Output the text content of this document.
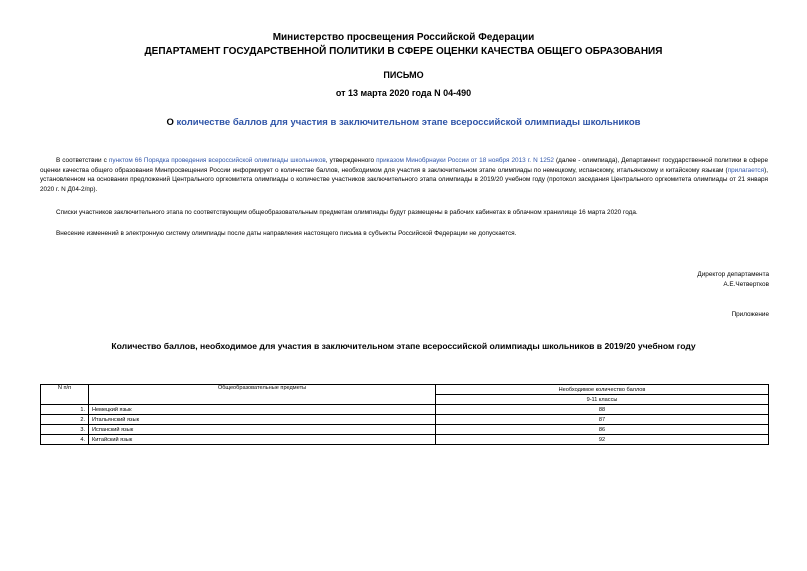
Министерство просвещения Российской Федерации
ДЕПАРТАМЕНТ ГОСУДАРСТВЕННОЙ ПОЛИТИКИ В СФЕРЕ ОЦЕНКИ КАЧЕСТВА ОБЩЕГО ОБРАЗОВАНИЯ
ПИСЬМО
от 13 марта 2020 года N 04-490
О количестве баллов для участия в заключительном этапе всероссийской олимпиады школьников
В соответствии с пунктом 66 Порядка проведения всероссийской олимпиады школьников, утвержденного приказом Минобрнауки России от 18 ноября 2013 г. N 1252 (далее - олимпиада), Департамент государственной политики в сфере оценки качества общего образования Минпросвещения России информирует о количестве баллов, необходимом для участия в заключительном этапе олимпиады по немецкому, испанскому, итальянскому и китайскому языкам (прилагается), установленном на основании предложений Центрального оргкомитета олимпиады о количестве участников заключительного этапа олимпиады в 2019/20 учебном году (протокол заседания Центрального оргкомитета олимпиады от 21 января 2020 г. N Д04-2/пр).
Списки участников заключительного этапа по соответствующим общеобразовательным предметам олимпиады будут размещены в рабочих кабинетах в облачном хранилище 16 марта 2020 года.
Внесение изменений в электронную систему олимпиады после даты направления настоящего письма в субъекты Российской Федерации не допускается.
Директор департамента
А.Е.Четвертков
Приложение
Количество баллов, необходимое для участия в заключительном этапе всероссийской олимпиады школьников в 2019/20 учебном году
N п/п	Общеобразовательные предметы	Необходимое количество баллов
		9-11 классы
1.	Немецкий язык	88
2.	Итальянский язык	87
3.	Испанский язык	86
4.	Китайский язык	92
